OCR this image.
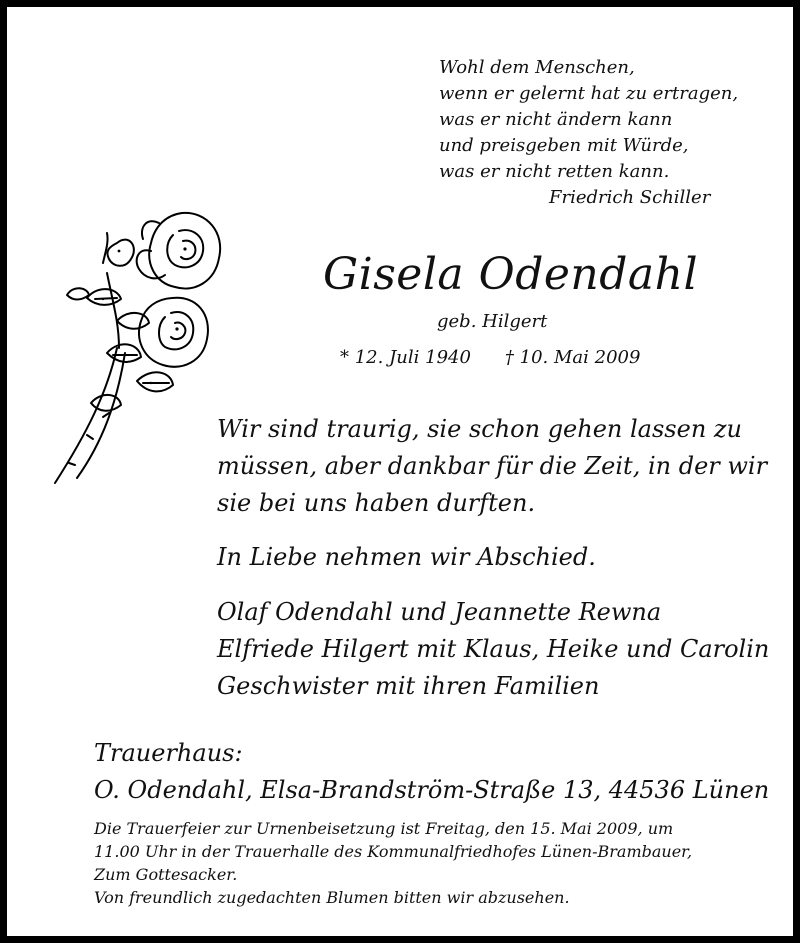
Wohl dem Menschen,
wenn er gelernt hat zu ertragen,
was er nicht ändern kann
und preisgeben mit Würde,
was er nicht retten kann.
Friedrich Schiller
Gisela Odendahl
geb. Hilgert
* 12. Juli 1940 † 10. Mai 2009
Wir sind traurig, sie schon gehen lassen zu
müssen, aber dankbar für die Zeit, in der wir
sie bei uns haben durften.
In Liebe nehmen wir Abschied.
Olaf Odendahl und Jeannette Rewna
Elfriede Hilgert mit Klaus, Heike und Carolin
Geschwister mit ihren Familien
Trauerhaus:
O. Odendahl, Elsa-Brandström-Straße 13, 44536 Lünen
Die Trauerfeier zur Urnenbeisetzung ist Freitag, den 15. Mai 2009, um
11.00 Uhr in der Trauerhalle des Kommunalfriedhofes Lünen-Brambauer,
Zum Gottesacker.
Von freundlich zugedachten Blumen bitten wir abzusehen.
